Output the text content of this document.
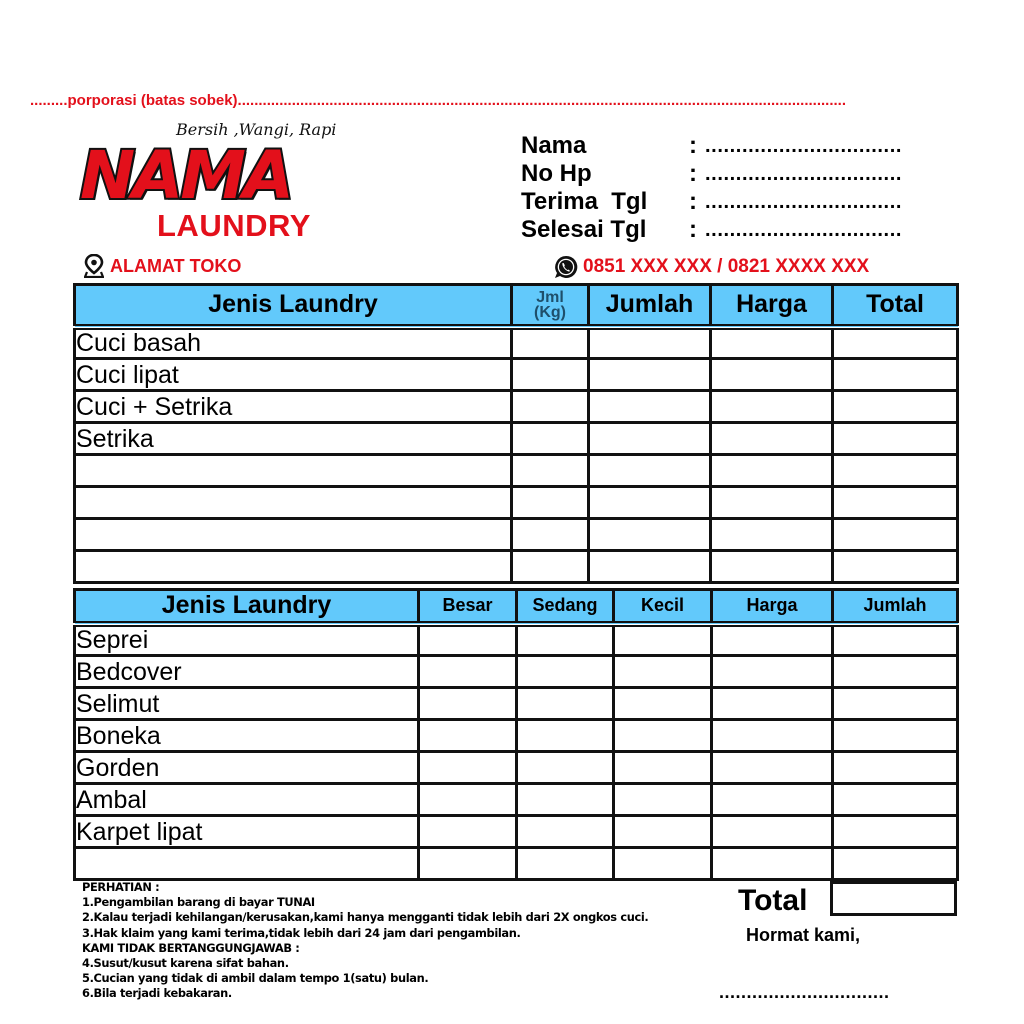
.........porporasi (batas sobek)..................................................................................................................................................
Bersih ,Wangi, Rapi
NAMA
LAUNDRY
ALAMAT TOKO
Nama	: ................................
No Hp	: ................................
Terima  Tgl	: ................................
Selesai Tgl	: ................................
0851 XXX XXX / 0821 XXXX XXX
Jenis Laundry	Jml
(Kg)	Jumlah	Harga	Total
Cuci basah				
Cuci lipat				
Cuci + Setrika				
Setrika				

Jenis Laundry	Besar	Sedang	Kecil	Harga	Jumlah
Seprei					
Bedcover					
Selimut					
Boneka					
Gorden					
Ambal					
Karpet lipat					

PERHATIAN :
1.Pengambilan barang di bayar TUNAI
2.Kalau terjadi kehilangan/kerusakan,kami hanya mengganti tidak lebih dari 2X ongkos cuci.
3.Hak klaim yang kami terima,tidak lebih dari 24 jam dari pengambilan.
KAMI TIDAK BERTANGGUNGJAWAB :
4.Susut/kusut karena sifat bahan.
5.Cucian yang tidak di ambil dalam tempo 1(satu) bulan.
6.Bila terjadi kebakaran.
Total
Hormat kami,
...............................
